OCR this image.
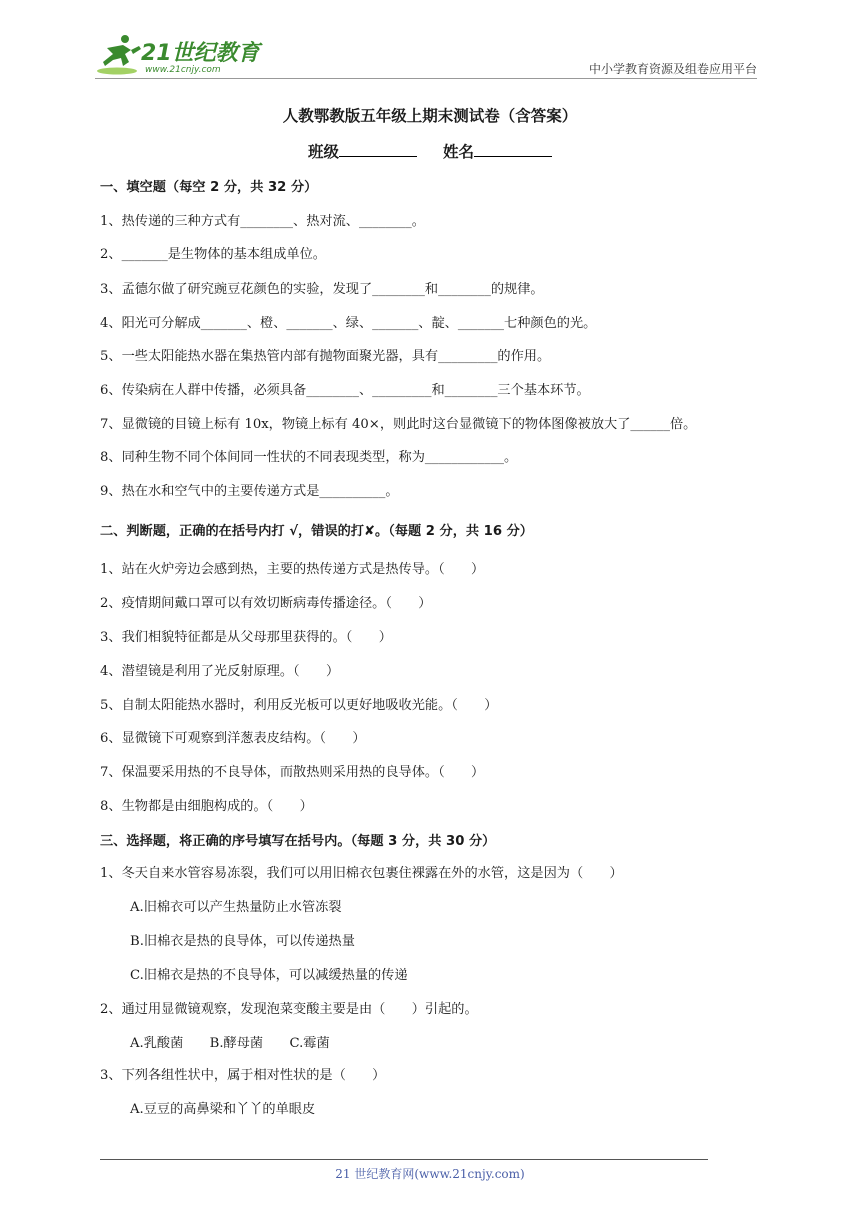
21世纪教育
www.21cnjy.com	中小学教育资源及组卷应用平台
人教鄂教版五年级上期末测试卷（含答案）
班级	姓名
一、填空题（每空 2 分，共 32 分）
1、热传递的三种方式有________、热对流、________。
2、_______是生物体的基本组成单位。
3、孟德尔做了研究豌豆花颜色的实验，发现了________和________的规律。
4、阳光可分解成_______、橙、_______、绿、_______、靛、_______七种颜色的光。
5、一些太阳能热水器在集热管内部有抛物面聚光器，具有_________的作用。
6、传染病在人群中传播，必须具备________、_________和________三个基本环节。
7、显微镜的目镜上标有 10x，物镜上标有 40×，则此时这台显微镜下的物体图像被放大了______倍。
8、同种生物不同个体间同一性状的不同表现类型，称为____________。
9、热在水和空气中的主要传递方式是__________。
二、判断题，正确的在括号内打 √，错误的打✘。（每题 2 分，共 16 分）
1、站在火炉旁边会感到热，主要的热传递方式是热传导。（　　）
2、疫情期间戴口罩可以有效切断病毒传播途径。（　　）
3、我们相貌特征都是从父母那里获得的。（　　）
4、潜望镜是利用了光反射原理。（　　）
5、自制太阳能热水器时，利用反光板可以更好地吸收光能。（　　）
6、显微镜下可观察到洋葱表皮结构。（　　）
7、保温要采用热的不良导体，而散热则采用热的良导体。（　　）
8、生物都是由细胞构成的。（　　）
三、选择题，将正确的序号填写在括号内。（每题 3 分，共 30 分）
1、冬天自来水管容易冻裂，我们可以用旧棉衣包裹住裸露在外的水管，这是因为（　　）
A.旧棉衣可以产生热量防止水管冻裂
B.旧棉衣是热的良导体，可以传递热量
C.旧棉衣是热的不良导体，可以减缓热量的传递
2、通过用显微镜观察，发现泡菜变酸主要是由（　　）引起的。
A.乳酸菌　　B.酵母菌　　C.霉菌
3、下列各组性状中，属于相对性状的是（　　）
A.豆豆的高鼻梁和丫丫的单眼皮
21 世纪教育网(www.21cnjy.com)
